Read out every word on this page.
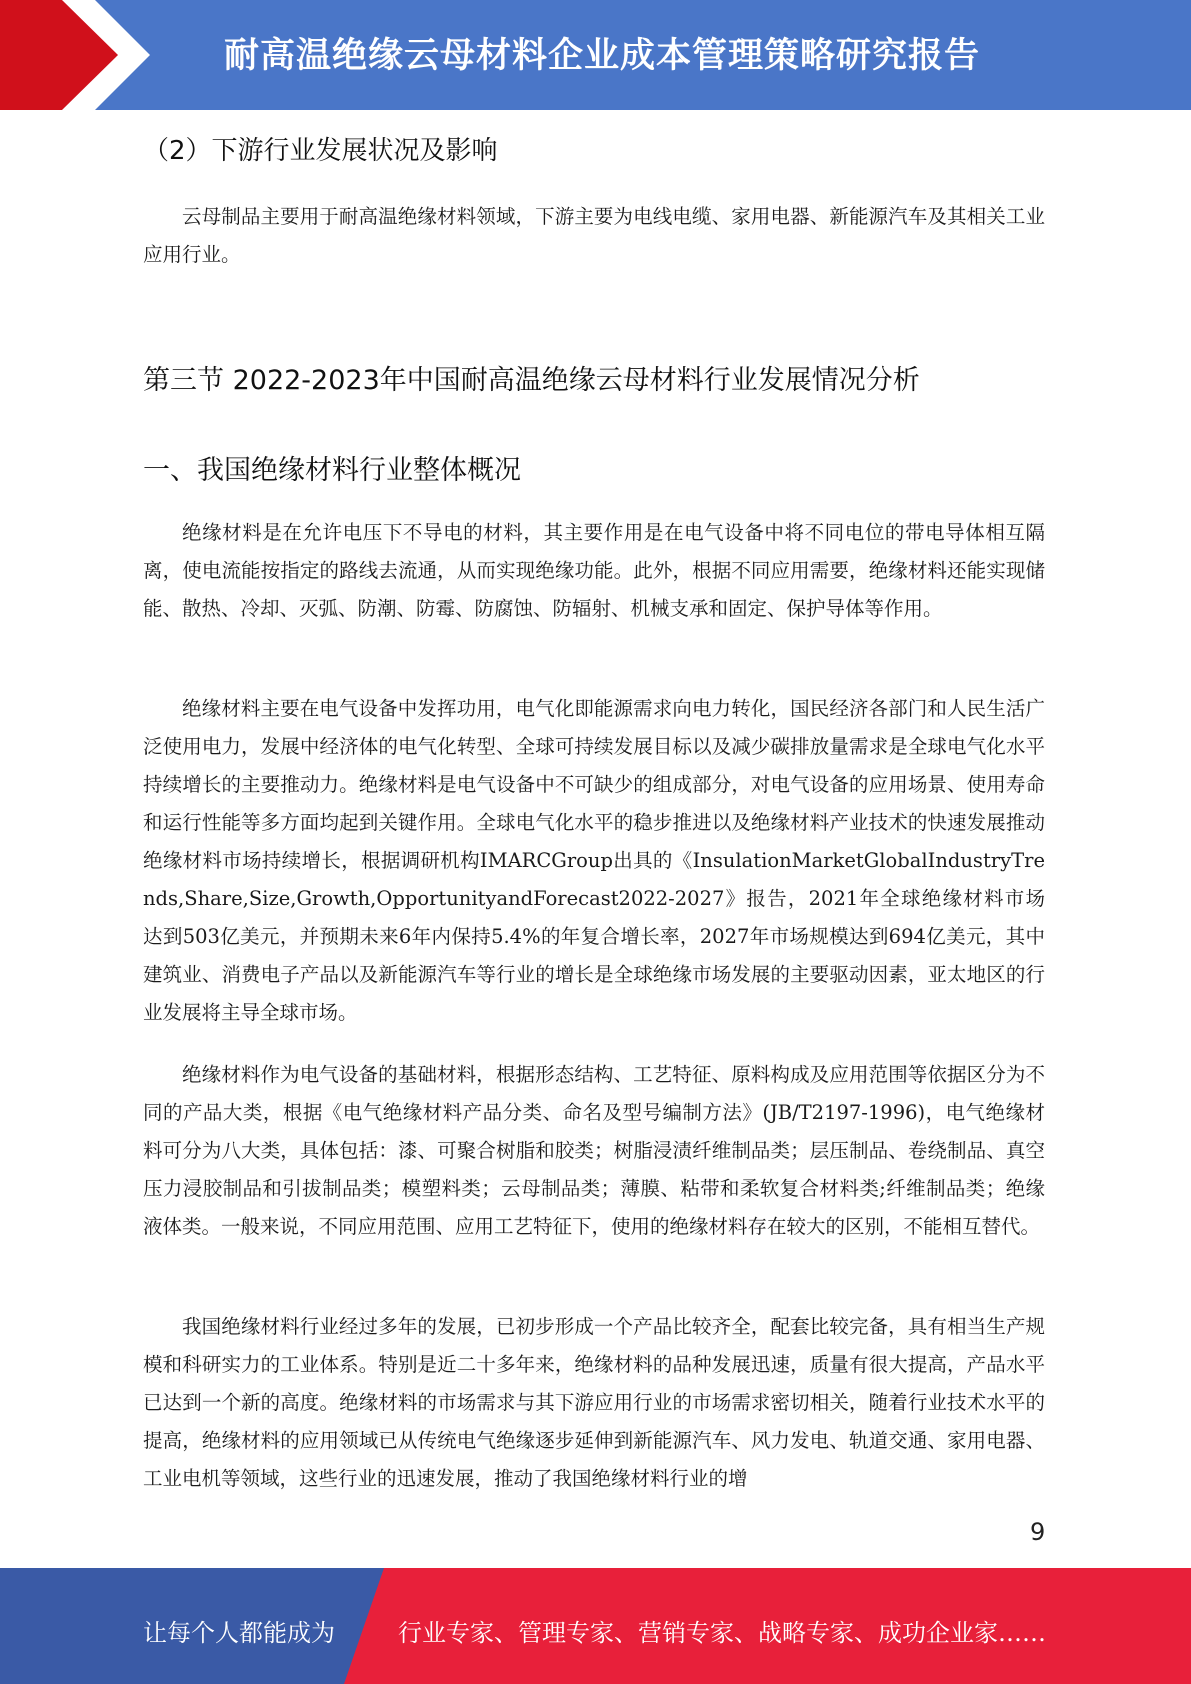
耐高温绝缘云母材料企业成本管理策略研究报告
（2）下游行业发展状况及影响

云母制品主要用于耐高温绝缘材料领域，下游主要为电线电缆、家用电器、新能源汽车及其相关工业应用行业。

第三节 2022-2023年中国耐高温绝缘云母材料行业发展情况分析
一、我国绝缘材料行业整体概况

绝缘材料是在允许电压下不导电的材料，其主要作用是在电气设备中将不同电位的带电导体相互隔离，使电流能按指定的路线去流通，从而实现绝缘功能。此外，根据不同应用需要，绝缘材料还能实现储能、散热、冷却、灭弧、防潮、防霉、防腐蚀、防辐射、机械支承和固定、保护导体等作用。

绝缘材料主要在电气设备中发挥功用，电气化即能源需求向电力转化，国民经济各部门和人民生活广泛使用电力，发展中经济体的电气化转型、全球可持续发展目标以及减少碳排放量需求是全球电气化水平持续增长的主要推动力。绝缘材料是电气设备中不可缺少的组成部分，对电气设备的应用场景、使用寿命和运行性能等多方面均起到关键作用。全球电气化水平的稳步推进以及绝缘材料产业技术的快速发展推动绝缘材料市场持续增长，根据调研机构IMARCGroup出具的《InsulationMarketGlobalIndustryTrends,Share,Size,Growth,OpportunityandForecast2022-2027》报告，2021年全球绝缘材料市场达到503亿美元，并预期未来6年内保持5.4%的年复合增长率，2027年市场规模达到694亿美元，其中建筑业、消费电子产品以及新能源汽车等行业的增长是全球绝缘市场发展的主要驱动因素，亚太地区的行业发展将主导全球市场。

绝缘材料作为电气设备的基础材料，根据形态结构、工艺特征、原料构成及应用范围等依据区分为不同的产品大类，根据《电气绝缘材料产品分类、命名及型号编制方法》(JB/T2197-1996)，电气绝缘材料可分为八大类，具体包括：漆、可聚合树脂和胶类；树脂浸渍纤维制品类；层压制品、卷绕制品、真空压力浸胶制品和引拔制品类；模塑料类；云母制品类；薄膜、粘带和柔软复合材料类;纤维制品类；绝缘液体类。一般来说，不同应用范围、应用工艺特征下，使用的绝缘材料存在较大的区别，不能相互替代。

我国绝缘材料行业经过多年的发展，已初步形成一个产品比较齐全，配套比较完备，具有相当生产规模和科研实力的工业体系。特别是近二十多年来，绝缘材料的品种发展迅速，质量有很大提高，产品水平已达到一个新的高度。绝缘材料的市场需求与其下游应用行业的市场需求密切相关，随着行业技术水平的提高，绝缘材料的应用领域已从传统电气绝缘逐步延伸到新能源汽车、风力发电、轨道交通、家用电器、工业电机等领域，这些行业的迅速发展，推动了我国绝缘材料行业的增

9
让每个人都能成为	行业专家、管理专家、营销专家、战略专家、成功企业家……
